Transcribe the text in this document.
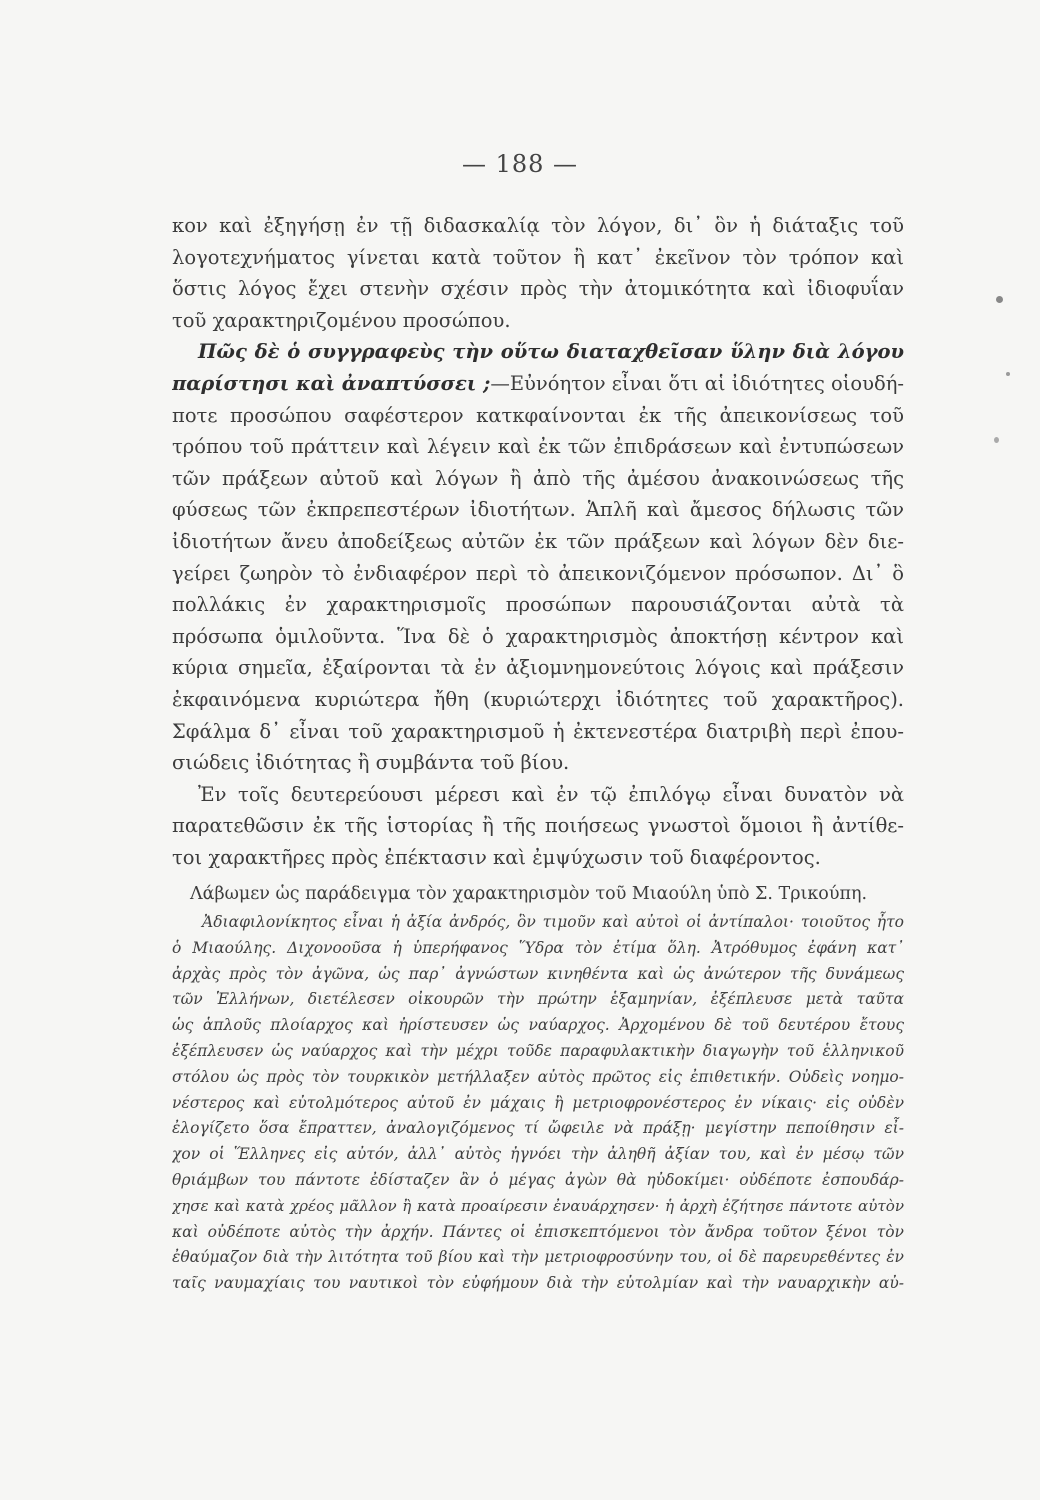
— 188 —
κον καὶ ἐξηγήσῃ ἐν τῇ διδασκαλίᾳ τὸν λόγον, δι᾽ ὃν ἡ διάταξις τοῦ
λογοτεχνήματος γίνεται κατὰ τοῦτον ἢ κατ᾽ ἐκεῖνον τὸν τρόπον καὶ
ὅστις λόγος ἔχει στενὴν σχέσιν πρὸς τὴν ἀτομικότητα καὶ ἰδιοφυΐαν
τοῦ χαρακτηριζομένου προσώπου.
Πῶς δὲ ὁ συγγραφεὺς τὴν οὕτω διαταχθεῖσαν ὕλην διὰ λόγου
παρίστησι καὶ ἀναπτύσσει ;—Εὐνόητον εἶναι ὅτι αἱ ἰδιότητες οἱουδή-
ποτε προσώπου σαφέστερον κατκφαίνονται ἐκ τῆς ἀπεικονίσεως τοῦ
τρόπου τοῦ πράττειν καὶ λέγειν καὶ ἐκ τῶν ἐπιδράσεων καὶ ἐντυπώσεων
τῶν πράξεων αὐτοῦ καὶ λόγων ἢ ἀπὸ τῆς ἀμέσου ἀνακοινώσεως τῆς
φύσεως τῶν ἐκπρεπεστέρων ἰδιοτήτων. Ἁπλῆ καὶ ἄμεσος δήλωσις τῶν
ἰδιοτήτων ἄνευ ἀποδείξεως αὐτῶν ἐκ τῶν πράξεων καὶ λόγων δὲν διε-
γείρει ζωηρὸν τὸ ἐνδιαφέρον περὶ τὸ ἀπεικονιζόμενον πρόσωπον. Δι᾽ ὃ
πολλάκις ἐν χαρακτηρισμοῖς προσώπων παρουσιάζονται αὐτὰ τὰ
πρόσωπα ὁμιλοῦντα. Ἵνα δὲ ὁ χαρακτηρισμὸς ἀποκτήσῃ κέντρον καὶ
κύρια σημεῖα, ἐξαίρονται τὰ ἐν ἀξιομνημονεύτοις λόγοις καὶ πράξεσιν
ἐκφαινόμενα κυριώτερα ἤθη (κυριώτερχι ἰδιότητες τοῦ χαρακτῆρος).
Σφάλμα δ᾽ εἶναι τοῦ χαρακτηρισμοῦ ἡ ἐκτενεστέρα διατριβὴ περὶ ἐπου-
σιώδεις ἰδιότητας ἢ συμβάντα τοῦ βίου.
Ἐν τοῖς δευτερεύουσι μέρεσι καὶ ἐν τῷ ἐπιλόγῳ εἶναι δυνατὸν νὰ
παρατεθῶσιν ἐκ τῆς ἱστορίας ἢ τῆς ποιήσεως γνωστοὶ ὅμοιοι ἢ ἀντίθε-
τοι χαρακτῆρες πρὸς ἐπέκτασιν καὶ ἐμψύχωσιν τοῦ διαφέροντος.
Λάβωμεν ὡς παράδειγμα τὸν χαρακτηρισμὸν τοῦ Μιαούλη ὑπὸ Σ. Τρικούπη.
Ἀδιαφιλονίκητος εἶναι ἡ ἀξία ἀνδρός, ὃν τιμοῦν καὶ αὐτοὶ οἱ ἀντίπαλοι· τοιοῦτος ἦτο
ὁ Μιαούλης. Διχονοοῦσα ἡ ὑπερήφανος Ὕδρα τὸν ἐτίμα ὅλη. Ἀτρόθυμος ἐφάνη κατ᾽
ἀρχὰς πρὸς τὸν ἀγῶνα, ὡς παρ᾽ ἀγνώστων κινηθέντα καὶ ὡς ἀνώτερον τῆς δυνάμεως
τῶν Ἑλλήνων, διετέλεσεν οἰκουρῶν τὴν πρώτην ἑξαμηνίαν, ἐξέπλευσε μετὰ ταῦτα
ὡς ἁπλοῦς πλοίαρχος καὶ ἠρίστευσεν ὡς ναύαρχος. Ἀρχομένου δὲ τοῦ δευτέρου ἔτους
ἐξέπλευσεν ὡς ναύαρχος καὶ τὴν μέχρι τοῦδε παραφυλακτικὴν διαγωγὴν τοῦ ἑλληνικοῦ
στόλου ὡς πρὸς τὸν τουρκικὸν μετήλλαξεν αὐτὸς πρῶτος εἰς ἐπιθετικήν. Οὐδεὶς νοημο-
νέστερος καὶ εὐτολμότερος αὐτοῦ ἐν μάχαις ἢ μετριοφρονέστερος ἐν νίκαις· εἰς οὐδὲν
ἐλογίζετο ὅσα ἔπραττεν, ἀναλογιζόμενος τί ὤφειλε νὰ πράξῃ· μεγίστην πεποίθησιν εἶ-
χον οἱ Ἕλληνες εἰς αὐτόν, ἀλλ᾽ αὐτὸς ἠγνόει τὴν ἀληθῆ ἀξίαν του, καὶ ἐν μέσῳ τῶν
θριάμβων του πάντοτε ἐδίσταζεν ἂν ὁ μέγας ἀγὼν θὰ ηὐδοκίμει· οὐδέποτε ἐσπουδάρ-
χησε καὶ κατὰ χρέος μᾶλλον ἢ κατὰ προαίρεσιν ἐναυάρχησεν· ἡ ἀρχὴ ἐζήτησε πάντοτε αὐτὸν
καὶ οὐδέποτε αὐτὸς τὴν ἀρχήν. Πάντες οἱ ἐπισκεπτόμενοι τὸν ἄνδρα τοῦτον ξένοι τὸν
ἐθαύμαζον διὰ τὴν λιτότητα τοῦ βίου καὶ τὴν μετριοφροσύνην του, οἱ δὲ παρευρεθέντες ἐν
ταῖς ναυμαχίαις του ναυτικοὶ τὸν εὐφήμουν διὰ τὴν εὐτολμίαν καὶ τὴν ναυαρχικὴν αὐ-
